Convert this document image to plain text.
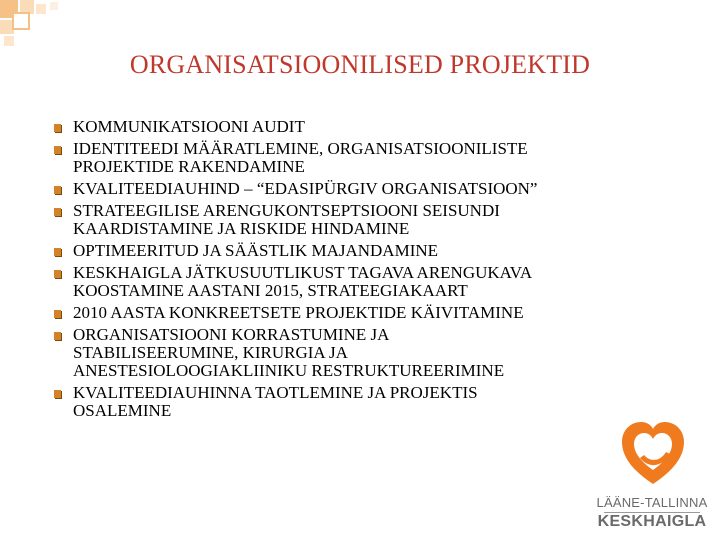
ORGANISATSIOONILISED PROJEKTID
KOMMUNIKATSIOONI AUDIT
IDENTITEEDI MÄÄRATLEMINE, ORGANISATSIOONILISTE
PROJEKTIDE RAKENDAMINE
KVALITEEDIAUHIND – “EDASIPÜRGIV ORGANISATSIOON”
STRATEEGILISE ARENGUKONTSEPTSIOONI SEISUNDI
KAARDISTAMINE JA RISKIDE HINDAMINE
OPTIMEERITUD JA SÄÄSTLIK MAJANDAMINE
KESKHAIGLA JÄTKUSUUTLIKUST TAGAVA ARENGUKAVA
KOOSTAMINE AASTANI 2015, STRATEEGIAKAART
2010 AASTA KONKREETSETE PROJEKTIDE KÄIVITAMINE
ORGANISATSIOONI KORRASTUMINE JA
STABILISEERUMINE, KIRURGIA JA
ANESTESIOLOOGIAKLIINIKU RESTRUKTUREERIMINE
KVALITEEDIAUHINNA TAOTLEMINE JA PROJEKTIS
OSALEMINE
LÄÄNE-TALLINNA
KESKHAIGLA
